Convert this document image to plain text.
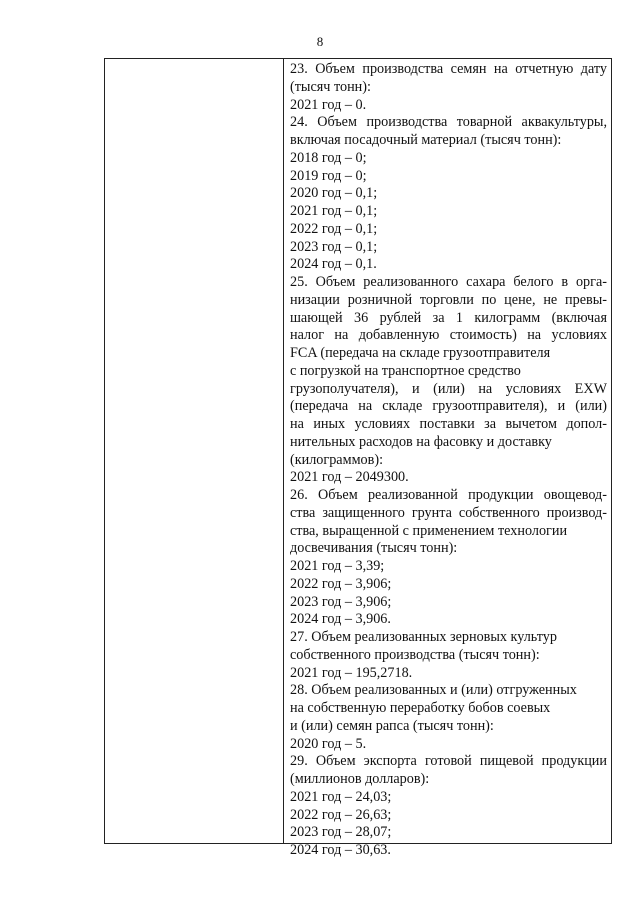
8
23. Объем производства семян на отчетную дату
(тысяч тонн):
2021 год – 0.
24. Объем производства товарной аквакультуры,
включая посадочный материал (тысяч тонн):
2018 год – 0;
2019 год – 0;
2020 год – 0,1;
2021 год – 0,1;
2022 год – 0,1;
2023 год – 0,1;
2024 год – 0,1.
25. Объем реализованного сахара белого в орга-
низации розничной торговли по цене, не превы-
шающей 36 рублей за 1 килограмм (включая
налог на добавленную стоимость) на условиях
FCA (передача на складе грузоотправителя
с погрузкой на транспортное средство
грузополучателя), и (или) на условиях EXW
(передача на складе грузоотправителя), и (или)
на иных условиях поставки за вычетом допол-
нительных расходов на фасовку и доставку
(килограммов):
2021 год – 2049300.
26. Объем реализованной продукции овощевод-
ства защищенного грунта собственного производ-
ства, выращенной с применением технологии
досвечивания (тысяч тонн):
2021 год – 3,39;
2022 год – 3,906;
2023 год – 3,906;
2024 год – 3,906.
27. Объем реализованных зерновых культур
собственного производства (тысяч тонн):
2021 год – 195,2718.
28. Объем реализованных и (или) отгруженных
на собственную переработку бобов соевых
и (или) семян рапса (тысяч тонн):
2020 год – 5.
29. Объем экспорта готовой пищевой продукции
(миллионов долларов):
2021 год – 24,03;
2022 год – 26,63;
2023 год – 28,07;
2024 год – 30,63.
